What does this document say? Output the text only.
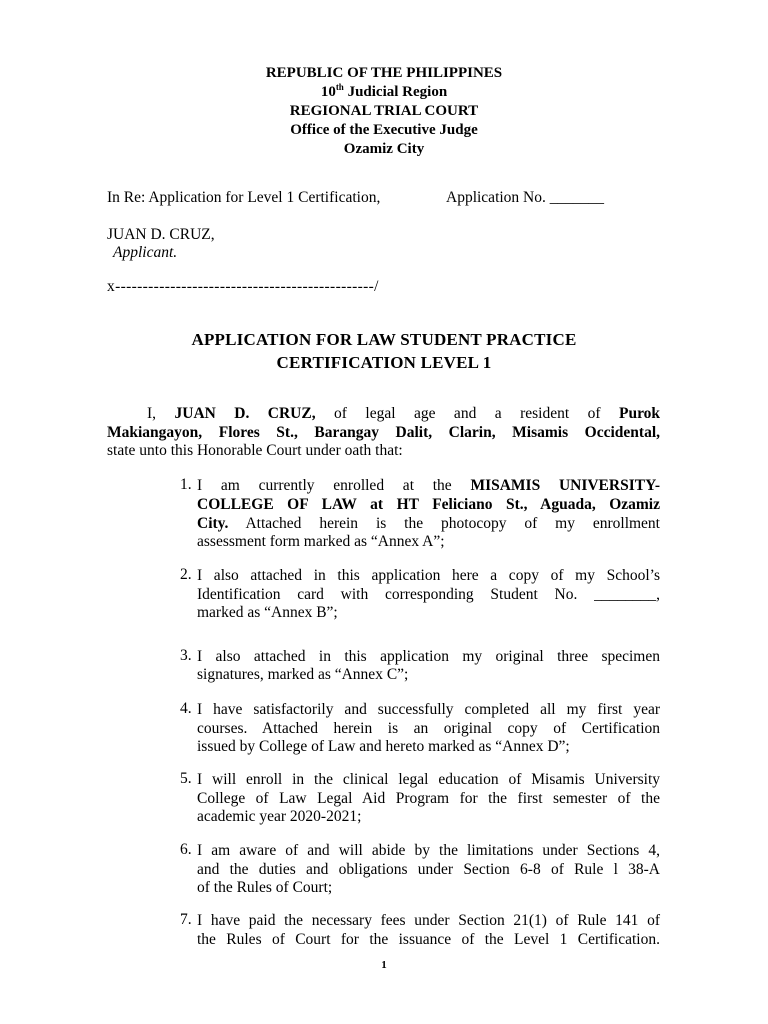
REPUBLIC OF THE PHILIPPINES
10th Judicial Region
REGIONAL TRIAL COURT
Office of the Executive Judge
Ozamiz City
In Re: Application for Level 1 Certification,	Application No. _______
JUAN D. CRUZ,
Applicant.
x-----------------------------------------------/
APPLICATION FOR LAW STUDENT PRACTICE
CERTIFICATION LEVEL 1
I, JUAN D. CRUZ, of legal age and a resident of Purok
Makiangayon, Flores St., Barangay Dalit, Clarin, Misamis Occidental,
state unto this Honorable Court under oath that:
1. I am currently enrolled at the MISAMIS UNIVERSITY-
COLLEGE OF LAW at HT Feliciano St., Aguada, Ozamiz
City. Attached herein is the photocopy of my enrollment
assessment form marked as “Annex A”;
2. I also attached in this application here a copy of my School’s
Identification card with corresponding Student No. ________,
marked as “Annex B”;
3. I also attached in this application my original three specimen
signatures, marked as “Annex C”;
4. I have satisfactorily and successfully completed all my first year
courses. Attached herein is an original copy of Certification
issued by College of Law and hereto marked as “Annex D”;
5. I will enroll in the clinical legal education of Misamis University
College of Law Legal Aid Program for the first semester of the
academic year 2020-2021;
6. I am aware of and will abide by the limitations under Sections 4,
and the duties and obligations under Section 6-8 of Rule l 38-A
of the Rules of Court;
7. I have paid the necessary fees under Section 21(1) of Rule 141 of
the Rules of Court for the issuance of the Level 1 Certification.
1
